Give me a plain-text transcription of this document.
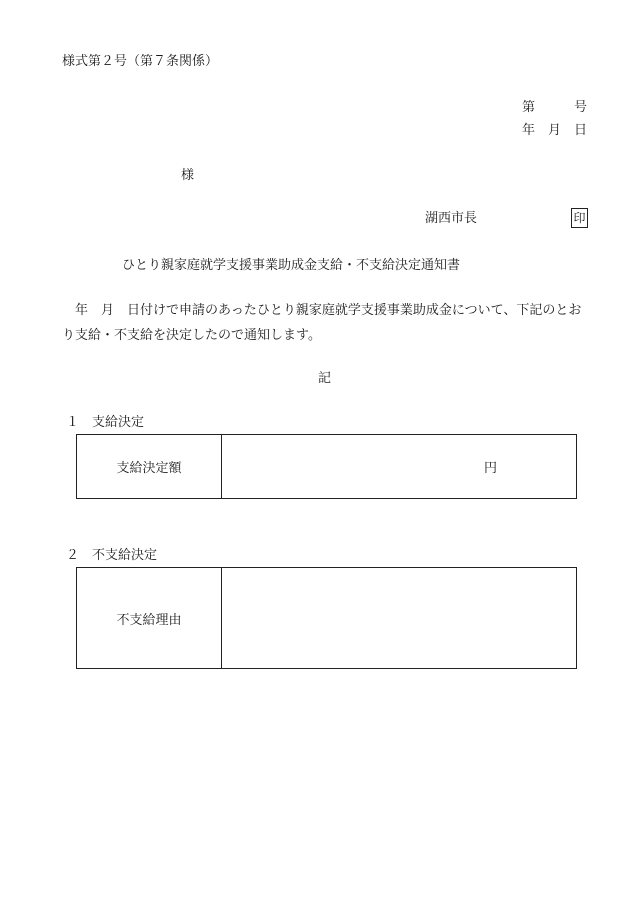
様式第２号（第７条関係）
第　　　号
年　月　日
様
湖西市長	印
ひとり親家庭就学支援事業助成金支給・不支給決定通知書
　年　月　日付けで申請のあったひとり親家庭就学支援事業助成金について、下記のとおり支給・不支給を決定したので通知します。
記
１　支給決定
支給決定額	円
２　不支給決定
不支給理由	
